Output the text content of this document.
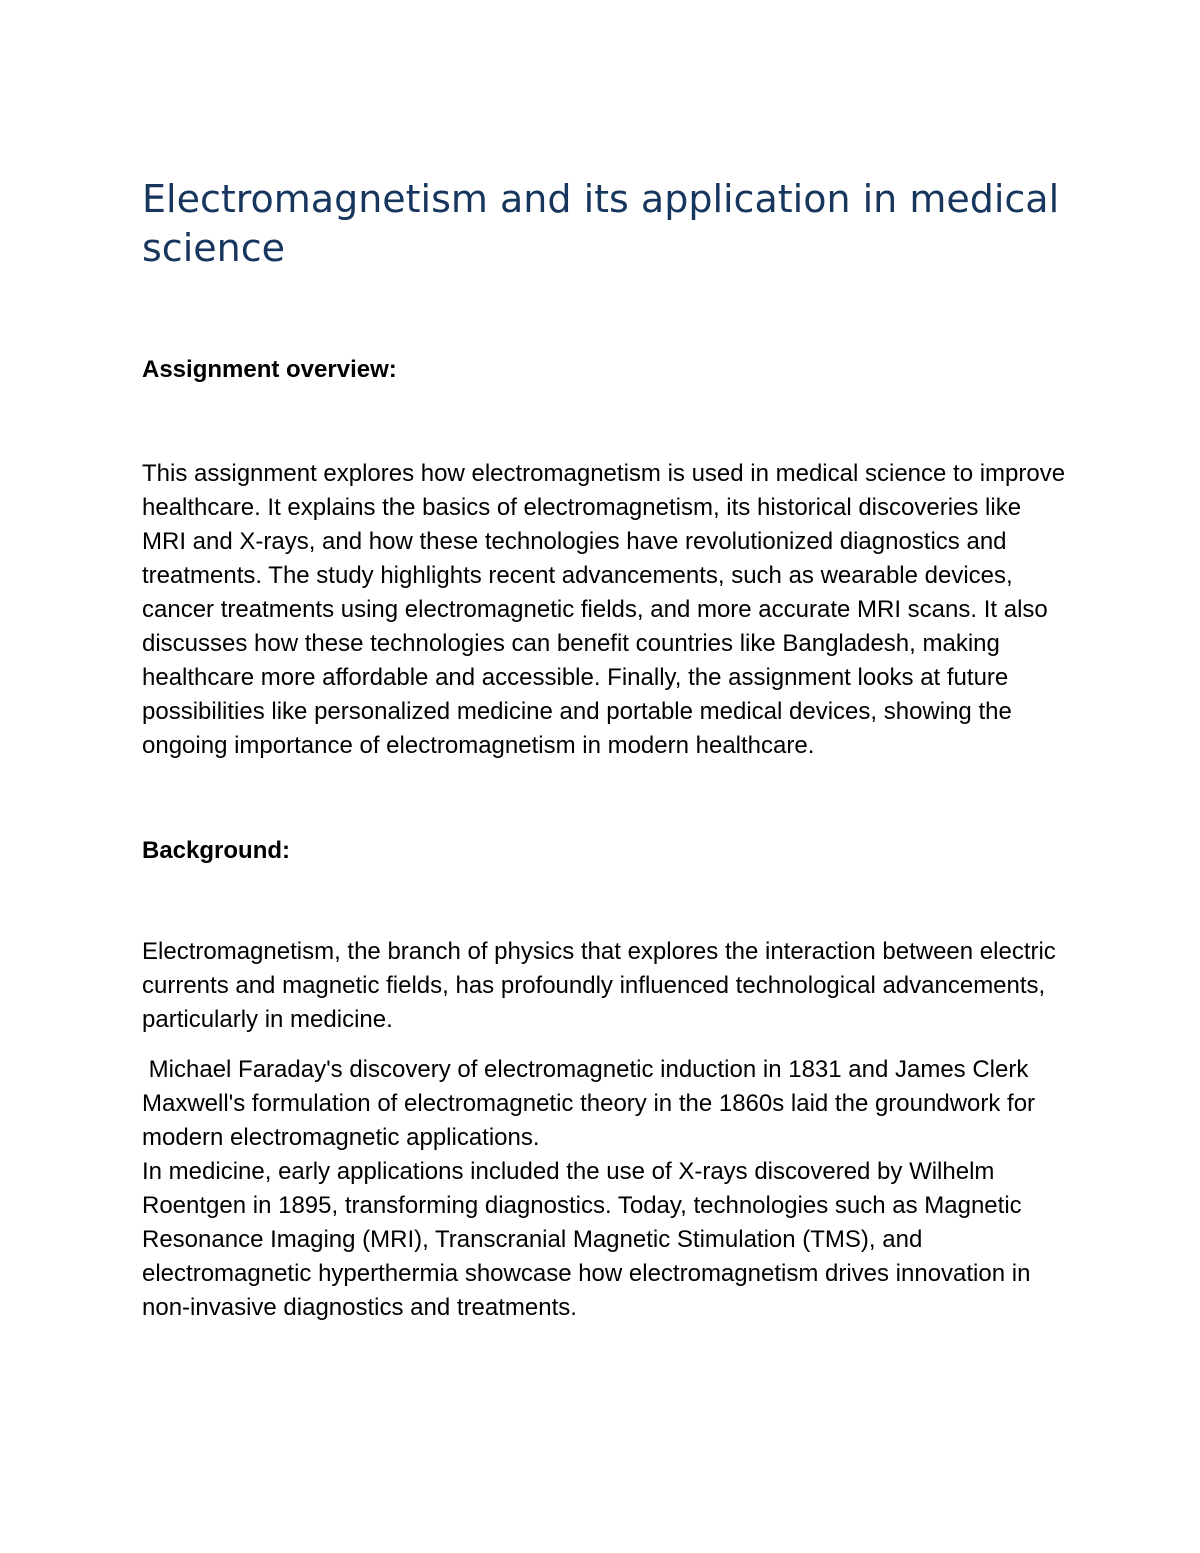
Electromagnetism and its application in medical science
Assignment overview:

This assignment explores how electromagnetism is used in medical science to improve healthcare. It explains the basics of electromagnetism, its historical discoveries like MRI and X-rays, and how these technologies have revolutionized diagnostics and treatments. The study highlights recent advancements, such as wearable devices, cancer treatments using electromagnetic fields, and more accurate MRI scans. It also discusses how these technologies can benefit countries like Bangladesh, making healthcare more affordable and accessible. Finally, the assignment looks at future possibilities like personalized medicine and portable medical devices, showing the ongoing importance of electromagnetism in modern healthcare.

Background:

Electromagnetism, the branch of physics that explores the interaction between electric currents and magnetic fields, has profoundly influenced technological advancements, particularly in medicine.

Michael Faraday's discovery of electromagnetic induction in 1831 and James Clerk Maxwell's formulation of electromagnetic theory in the 1860s laid the groundwork for modern electromagnetic applications.

In medicine, early applications included the use of X-rays discovered by Wilhelm Roentgen in 1895, transforming diagnostics. Today, technologies such as Magnetic Resonance Imaging (MRI), Transcranial Magnetic Stimulation (TMS), and electromagnetic hyperthermia showcase how electromagnetism drives innovation in non-invasive diagnostics and treatments.
